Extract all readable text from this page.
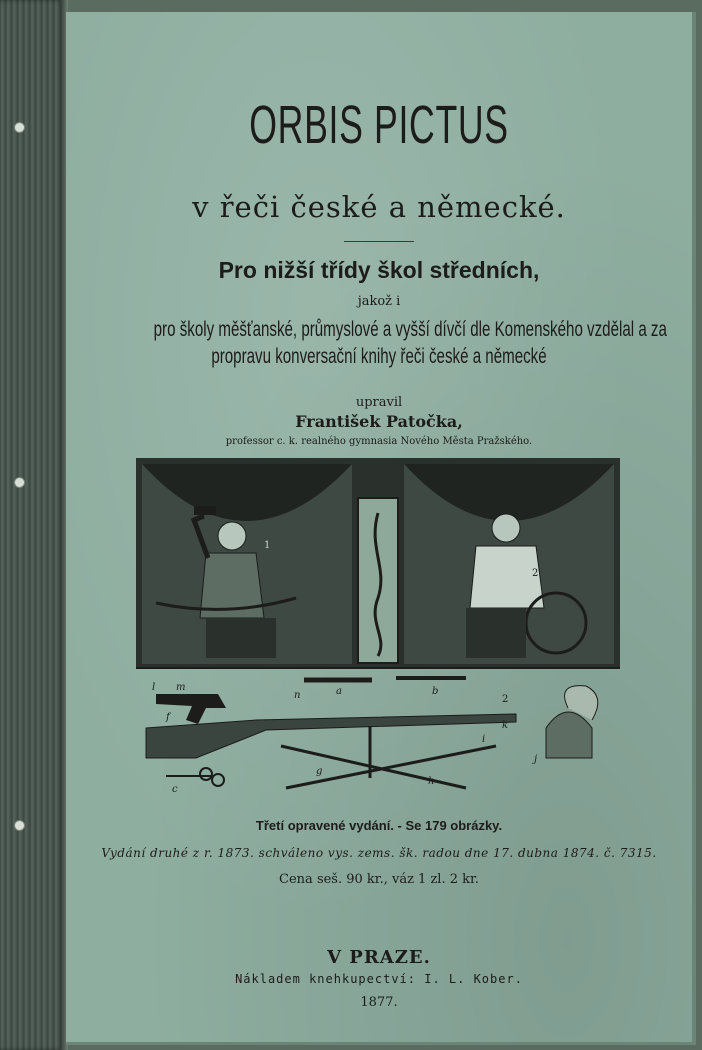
ORBIS PICTUS
v řeči české a německé.
Pro nižší třídy škol středních,
jakož i
pro školy měšťanské, průmyslové a vyšší dívčí dle Komenského vzdělal a za
propravu konversační knihy řeči české a německé
upravil
František Patočka,
professor c. k. realného gymnasia Nového Města Pražského.
1
2
2
l m
n	a	b
f
c
g
h
i
k
j
Třetí opravené vydání. - Se 179 obrázky.
Vydání druhé z r. 1873. schváleno vys. zems. šk. radou dne 17. dubna 1874. č. 7315.
Cena seš. 90 kr., váz 1 zl. 2 kr.
V PRAZE.
Nákladem knehkupectví: I. L. Kober.
1877.
